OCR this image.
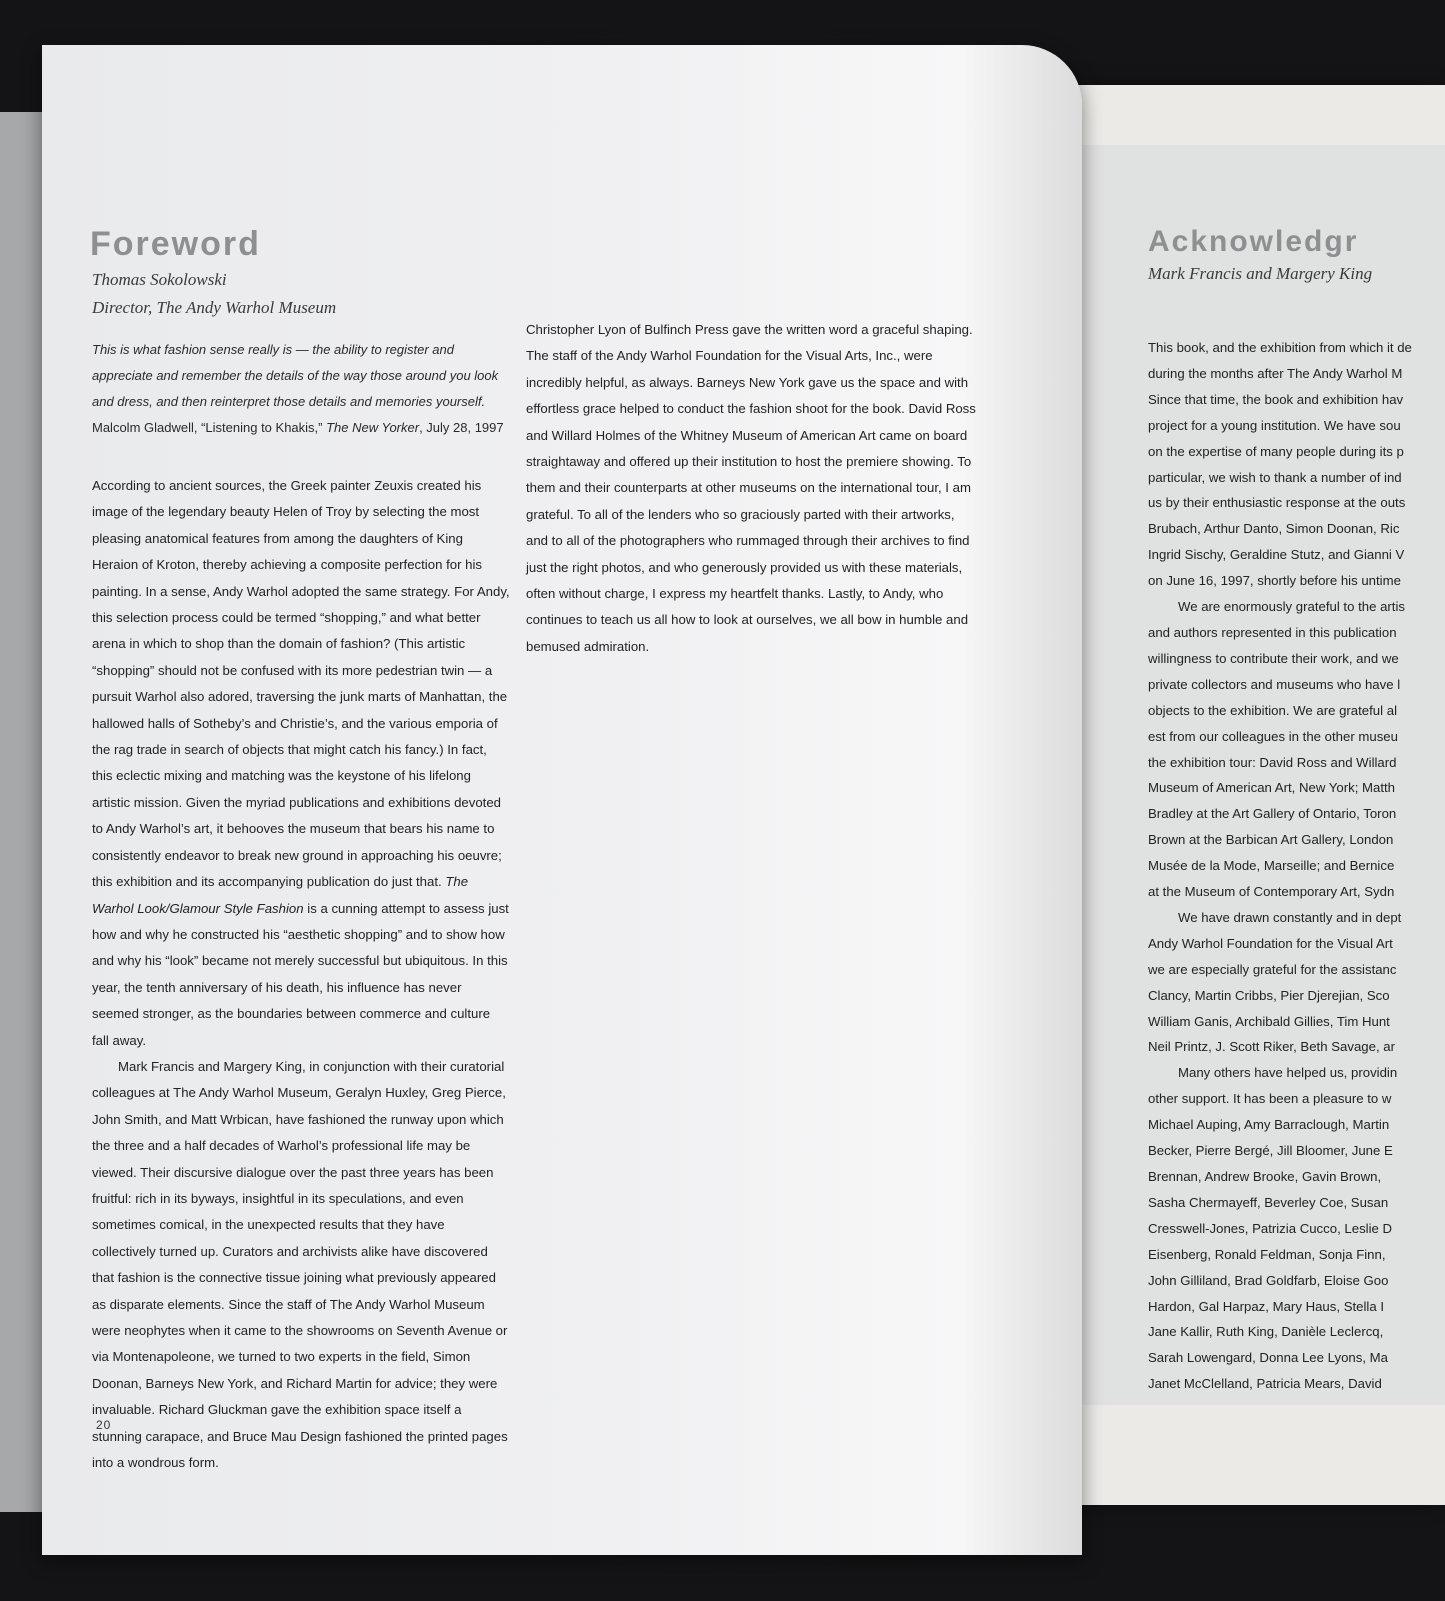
Acknowledgr
Mark Francis and Margery King
This book, and the exhibition from which it de
during the months after The Andy Warhol M
Since that time, the book and exhibition hav
project for a young institution. We have sou
on the expertise of many people during its p
particular, we wish to thank a number of ind
us by their enthusiastic response at the outs
Brubach, Arthur Danto, Simon Doonan, Ric
Ingrid Sischy, Geraldine Stutz, and Gianni V
on June 16, 1997, shortly before his untime
We are enormously grateful to the artis
and authors represented in this publication
willingness to contribute their work, and we
private collectors and museums who have l
objects to the exhibition. We are grateful al
est from our colleagues in the other museu
the exhibition tour: David Ross and Willard
Museum of American Art, New York; Matth
Bradley at the Art Gallery of Ontario, Toron
Brown at the Barbican Art Gallery, London
Musée de la Mode, Marseille; and Bernice
at the Museum of Contemporary Art, Sydn
We have drawn constantly and in dept
Andy Warhol Foundation for the Visual Art
we are especially grateful for the assistanc
Clancy, Martin Cribbs, Pier Djerejian, Sco
William Ganis, Archibald Gillies, Tim Hunt
Neil Printz, J. Scott Riker, Beth Savage, ar
Many others have helped us, providin
other support. It has been a pleasure to w
Michael Auping, Amy Barraclough, Martin
Becker, Pierre Bergé, Jill Bloomer, June E
Brennan, Andrew Brooke, Gavin Brown,
Sasha Chermayeff, Beverley Coe, Susan
Cresswell-Jones, Patrizia Cucco, Leslie D
Eisenberg, Ronald Feldman, Sonja Finn,
John Gilliland, Brad Goldfarb, Eloise Goo
Hardon, Gal Harpaz, Mary Haus, Stella I
Jane Kallir, Ruth King, Danièle Leclercq,
Sarah Lowengard, Donna Lee Lyons, Ma
Janet McClelland, Patricia Mears, David
Foreword
Thomas Sokolowski
Director, The Andy Warhol Museum
This is what fashion sense really is — the ability to register and appreciate and remember the details of the way those around you look and dress, and then reinterpret those details and memories yourself.
Malcolm Gladwell, “Listening to Khakis,” The New Yorker, July 28, 1997

According to ancient sources, the Greek painter Zeuxis created his image of the legendary beauty Helen of Troy by selecting the most pleasing anatomical features from among the daughters of King Heraion of Kroton, thereby achieving a composite perfection for his painting. In a sense, Andy Warhol adopted the same strategy. For Andy, this selection process could be termed “shopping,” and what better arena in which to shop than the domain of fashion? (This artistic “shopping” should not be confused with its more pedestrian twin — a pursuit Warhol also adored, traversing the junk marts of Manhattan, the hallowed halls of Sotheby’s and Christie’s, and the various emporia of the rag trade in search of objects that might catch his fancy.) In fact, this eclectic mixing and matching was the keystone of his lifelong artistic mission. Given the myriad publications and exhibitions devoted to Andy Warhol’s art, it behooves the museum that bears his name to consistently endeavor to break new ground in approaching his oeuvre; this exhibition and its accompanying publication do just that. The Warhol Look/Glamour Style Fashion is a cunning attempt to assess just how and why he constructed his “aesthetic shopping” and to show how and why his “look” became not merely successful but ubiquitous. In this year, the tenth anniversary of his death, his influence has never seemed stronger, as the boundaries between commerce and culture fall away.

Mark Francis and Margery King, in conjunction with their curatorial colleagues at The Andy Warhol Museum, Geralyn Huxley, Greg Pierce, John Smith, and Matt Wrbican, have fashioned the runway upon which the three and a half decades of Warhol’s professional life may be viewed. Their discursive dialogue over the past three years has been fruitful: rich in its byways, insightful in its speculations, and even sometimes comical, in the unexpected results that they have collectively turned up. Curators and archivists alike have discovered that fashion is the connective tissue joining what previously appeared as disparate elements. Since the staff of The Andy Warhol Museum were neophytes when it came to the showrooms on Seventh Avenue or via Montenapoleone, we turned to two experts in the field, Simon Doonan, Barneys New York, and Richard Martin for advice; they were invaluable. Richard Gluckman gave the exhibition space itself a stunning carapace, and Bruce Mau Design fashioned the printed pages into a wondrous form.

Christopher Lyon of Bulfinch Press gave the written word a graceful shaping. The staff of the Andy Warhol Foundation for the Visual Arts, Inc., were incredibly helpful, as always. Barneys New York gave us the space and with effortless grace helped to conduct the fashion shoot for the book. David Ross and Willard Holmes of the Whitney Museum of American Art came on board straightaway and offered up their institution to host the premiere showing. To them and their counterparts at other museums on the international tour, I am grateful. To all of the lenders who so graciously parted with their artworks, and to all of the photographers who rummaged through their archives to find just the right photos, and who generously provided us with these materials, often without charge, I express my heartfelt thanks. Lastly, to Andy, who continues to teach us all how to look at ourselves, we all bow in humble and bemused admiration.

20
